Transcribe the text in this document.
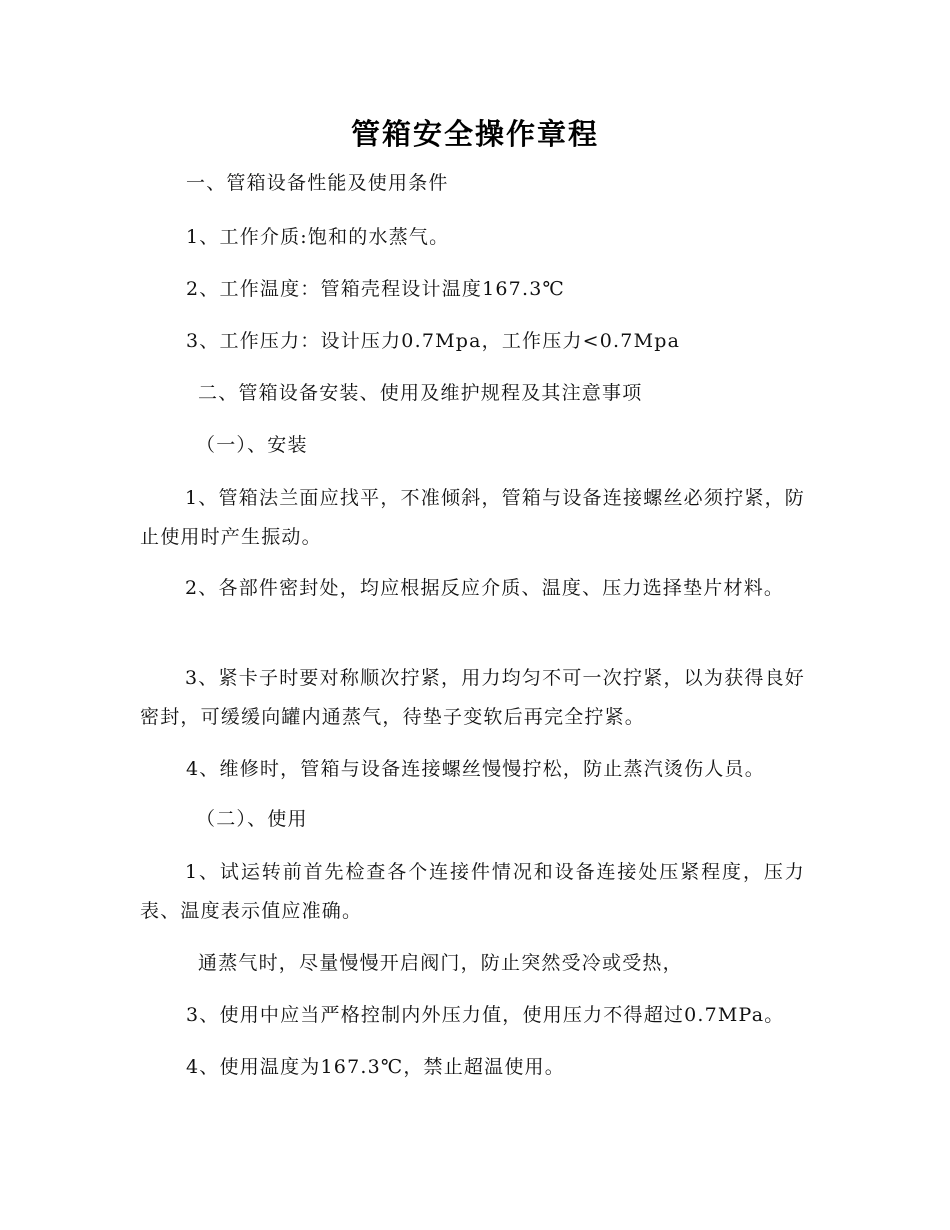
管箱安全操作章程
一、管箱设备性能及使用条件
1、工作介质:饱和的水蒸气。
2、工作温度：管箱壳程设计温度167.3℃
3、工作压力：设计压力0.7Mpa，工作压力<0.7Mpa
二、管箱设备安装、使用及维护规程及其注意事项
（一）、安装
1、管箱法兰面应找平，不准倾斜，管箱与设备连接螺丝必须拧紧，防止使用时产生振动。
2、各部件密封处，均应根据反应介质、温度、压力选择垫片材料。
3、紧卡子时要对称顺次拧紧，用力均匀不可一次拧紧，以为获得良好密封，可缓缓向罐内通蒸气，待垫子变软后再完全拧紧。
4、维修时，管箱与设备连接螺丝慢慢拧松，防止蒸汽烫伤人员。
（二）、使用
1、试运转前首先检查各个连接件情况和设备连接处压紧程度，压力表、温度表示值应准确。
通蒸气时，尽量慢慢开启阀门，防止突然受冷或受热，
3、使用中应当严格控制内外压力值，使用压力不得超过0.7MPa。
4、使用温度为167.3℃，禁止超温使用。
